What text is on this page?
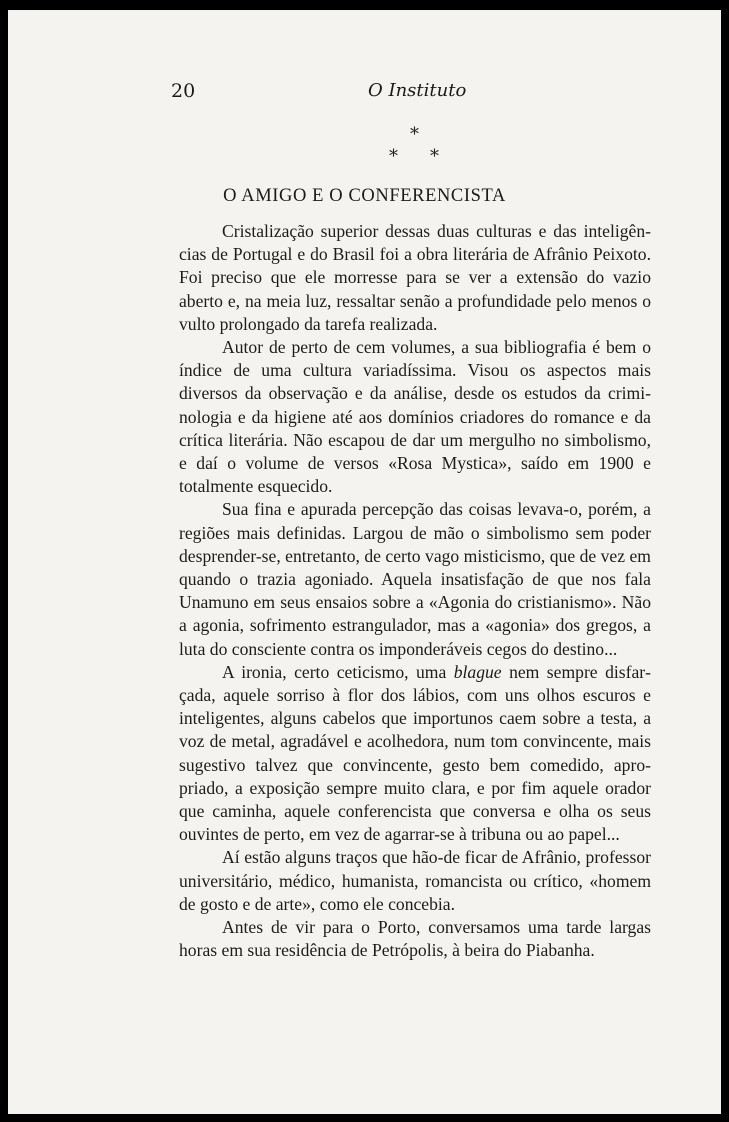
20	O Instituto
*
* *
O AMIGO E O CONFERENCISTA

Cristalização superior dessas duas culturas e das inteligências de Portugal e do Brasil foi a obra literária de Afrânio Peixoto. Foi preciso que ele morresse para se ver a extensão do vazio aberto e, na meia luz, ressaltar senão a profundidade pelo menos o vulto prolongado da tarefa realizada.

Autor de perto de cem volumes, a sua bibliografia é bem o índice de uma cultura variadíssima. Visou os aspectos mais diversos da observação e da análise, desde os estudos da criminologia e da higiene até aos domínios criadores do romance e da crítica literária. Não escapou de dar um mergulho no simbolismo, e daí o volume de versos «Rosa Mystica», saído em 1900 e totalmente esquecido.

Sua fina e apurada percepção das coisas levava-o, porém, a regiões mais definidas. Largou de mão o simbolismo sem poder desprender-se, entretanto, de certo vago misticismo, que de vez em quando o trazia agoniado. Aquela insatisfação de que nos fala Unamuno em seus ensaios sobre a «Agonia do cristianismo». Não a agonia, sofrimento estrangulador, mas a «agonia» dos gregos, a luta do consciente contra os imponderáveis cegos do destino...

A ironia, certo ceticismo, uma blague nem sempre disfarçada, aquele sorriso à flor dos lábios, com uns olhos escuros e inteligentes, alguns cabelos que importunos caem sobre a testa, a voz de metal, agradável e acolhedora, num tom convincente, mais sugestivo talvez que convincente, gesto bem comedido, apropriado, a exposição sempre muito clara, e por fim aquele orador que caminha, aquele conferencista que conversa e olha os seus ouvintes de perto, em vez de agarrar-se à tribuna ou ao papel...

Aí estão alguns traços que hão-de ficar de Afrânio, professor universitário, médico, humanista, romancista ou crítico, «homem de gosto e de arte», como ele concebia.

Antes de vir para o Porto, conversamos uma tarde largas horas em sua residência de Petrópolis, à beira do Piabanha.
